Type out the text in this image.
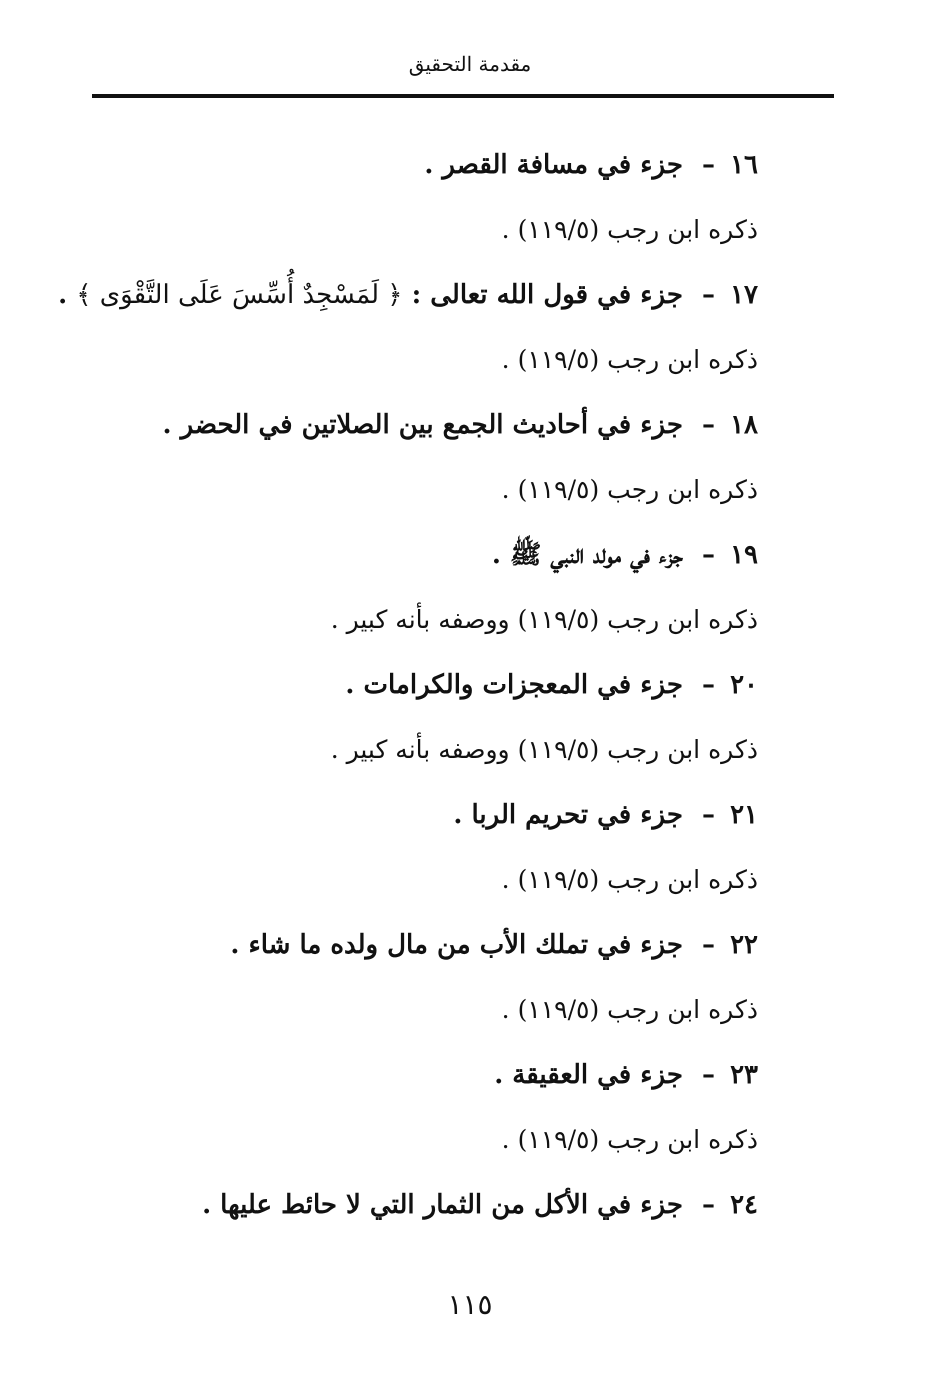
مقدمة التحقيق
١٦ – جزء في مسافة القصر .
ذكره ابن رجب (١١٩/٥) .
١٧ – جزء في قول الله تعالى : ﴿ لَمَسْجِدٌ أُسِّسَ عَلَى التَّقْوَى ﴾ .
ذكره ابن رجب (١١٩/٥) .
١٨ – جزء في أحاديث الجمع بين الصلاتين في الحضر .
ذكره ابن رجب (١١٩/٥) .
١٩ – جزء في مولد النبي ﷺ .
ذكره ابن رجب (١١٩/٥) ووصفه بأنه كبير .
٢٠ – جزء في المعجزات والكرامات .
ذكره ابن رجب (١١٩/٥) ووصفه بأنه كبير .
٢١ – جزء في تحريم الربا .
ذكره ابن رجب (١١٩/٥) .
٢٢ – جزء في تملك الأب من مال ولده ما شاء .
ذكره ابن رجب (١١٩/٥) .
٢٣ – جزء في العقيقة .
ذكره ابن رجب (١١٩/٥) .
٢٤ – جزء في الأكل من الثمار التي لا حائط عليها .
١١٥
